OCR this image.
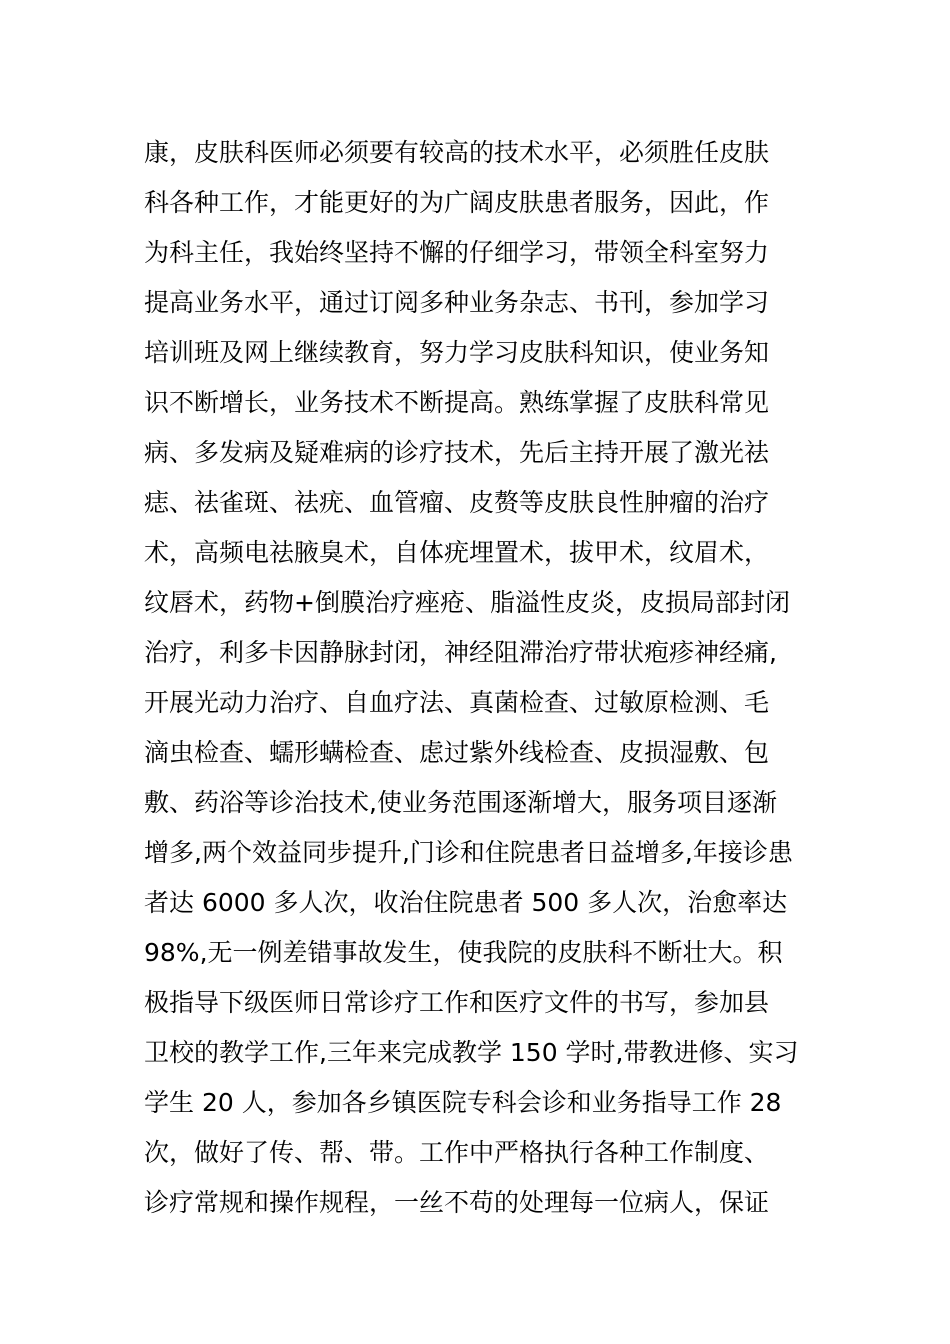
康，皮肤科医师必须要有较高的技术水平，必须胜任皮肤
科各种工作，才能更好的为广阔皮肤患者服务，因此，作
为科主任，我始终坚持不懈的仔细学习，带领全科室努力
提高业务水平，通过订阅多种业务杂志、书刊，参加学习
培训班及网上继续教育，努力学习皮肤科知识，使业务知
识不断增长，业务技术不断提高。熟练掌握了皮肤科常见
病、多发病及疑难病的诊疗技术，先后主持开展了激光祛
痣、祛雀斑、祛疣、血管瘤、皮赘等皮肤良性肿瘤的治疗
术，高频电祛腋臭术，自体疣埋置术，拔甲术，纹眉术，
纹唇术，药物+倒膜治疗痤疮、脂溢性皮炎，皮损局部封闭
治疗，利多卡因静脉封闭，神经阻滞治疗带状疱疹神经痛,
开展光动力治疗、自血疗法、真菌检查、过敏原检测、毛
滴虫检查、蠕形螨检查、虑过紫外线检查、皮损湿敷、包
敷、药浴等诊治技术,使业务范围逐渐增大，服务项目逐渐
增多,两个效益同步提升,门诊和住院患者日益增多,年接诊患
者达 6000 多人次，收治住院患者 500 多人次，治愈率达
98%,无一例差错事故发生，使我院的皮肤科不断壮大。积
极指导下级医师日常诊疗工作和医疗文件的书写，参加县
卫校的教学工作,三年来完成教学 150 学时,带教进修、实习
学生 20 人，参加各乡镇医院专科会诊和业务指导工作 28
次，做好了传、帮、带。工作中严格执行各种工作制度、
诊疗常规和操作规程，一丝不苟的处理每一位病人，保证
